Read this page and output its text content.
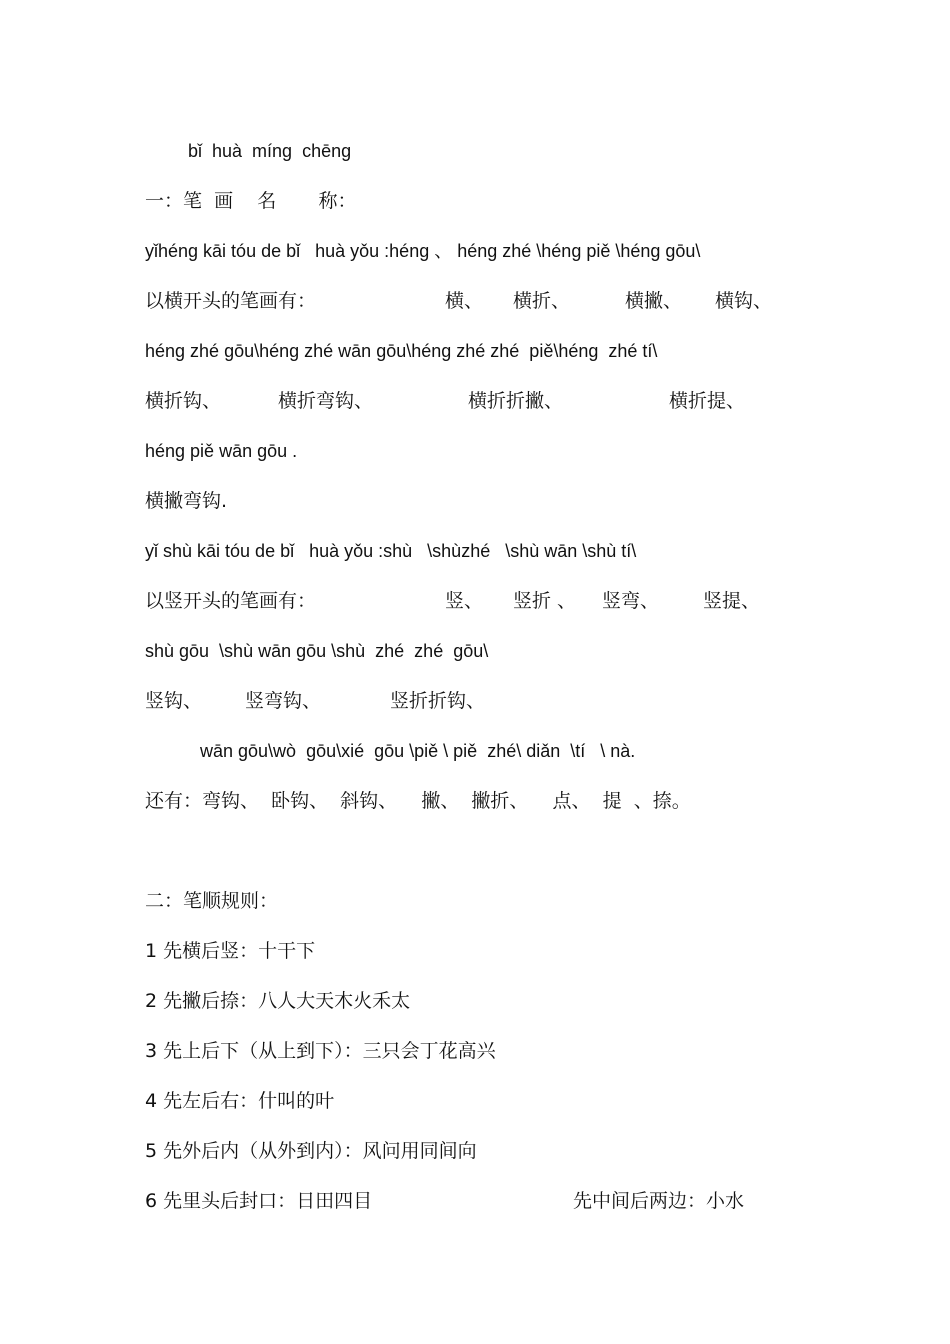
bǐ  huà  míng  chēng
一：笔  画    名       称：
yǐhéng kāi tóu de bǐ   huà yǒu :héng 、 héng zhé \héng piě \héng gōu\

以横开头的笔画有：

	横、

横折、

	横撇、

横钩、

héng zhé gōu\héng zhé wān gōu\héng zhé zhé  piě\héng  zhé tí\

横折钩、

	横折弯钩、

	横折折撇、

	横折提、

héng piě wān gōu .
横撇弯钩.
yǐ shù kāi tóu de bǐ   huà yǒu :shù   \shùzhé   \shù wān \shù tí\

以竖开头的笔画有：

	竖、

竖折 、

竖弯、

竖提、

shù gōu  \shù wān gōu \shù  zhé  zhé  gōu\

竖钩、

竖弯钩、

	竖折折钩、

wān gōu\wò  gōu\xié  gōu \piě \ piě  zhé\ diǎn  \tí   \ nà.
还有：弯钩、  卧钩、  斜钩、    撇、  撇折、    点、  提  、捺。
二：笔顺规则：
1 先横后竖：十干下
2 先撇后捺：八人大天木火禾太
3 先上后下（从上到下）：三只会丁花高兴
4 先左后右：什叫的叶
5 先外后内（从外到内）：风问用同间向

6 先里头后封口：日田四目

	先中间后两边：小水
